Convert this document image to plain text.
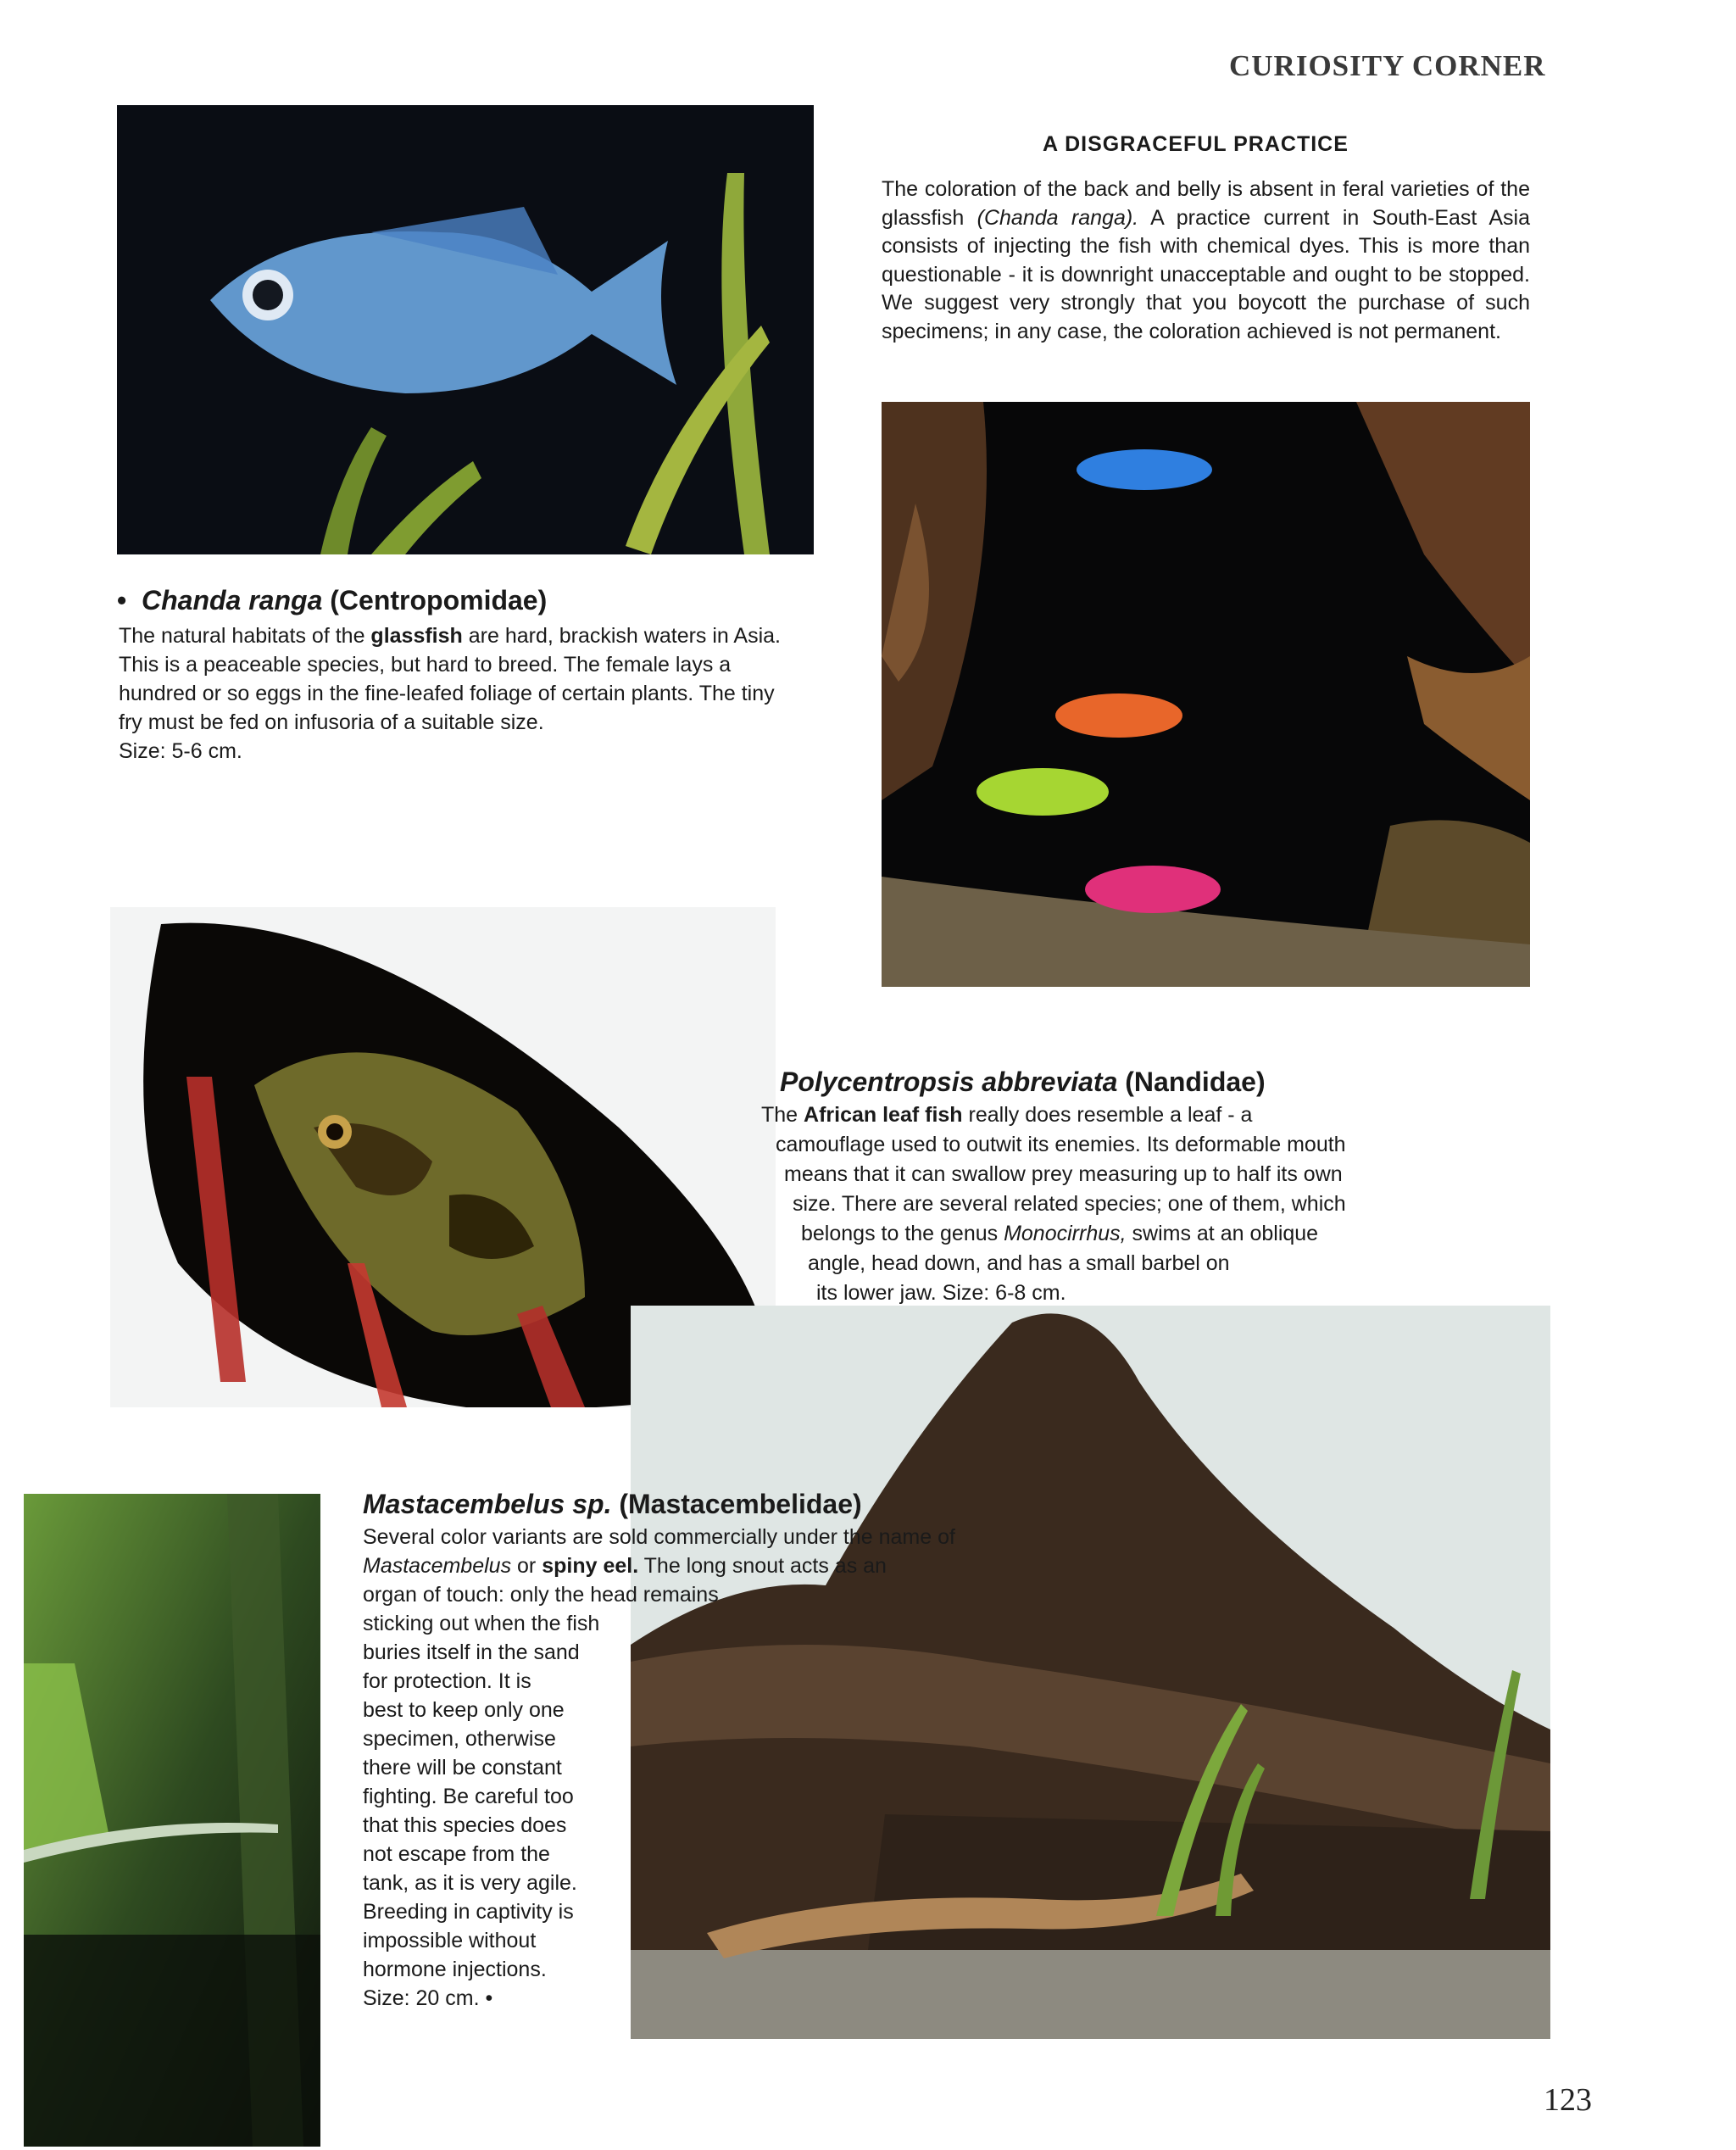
CURIOSITY CORNER
A DISGRACEFUL PRACTICE
The coloration of the back and belly is absent in feral varieties of the glassfish (Chanda ranga). A practice current in South-East Asia consists of injecting the fish with chemical dyes. This is more than questionable - it is downright unacceptable and ought to be stopped. We suggest very strongly that you boycott the purchase of such specimens; in any case, the coloration achieved is not permanent.
• Chanda ranga (Centropomidae)
The natural habitats of the glassfish are hard, brackish waters in Asia. This is a peaceable species, but hard to breed. The female lays a hundred or so eggs in the fine-leafed foliage of certain plants. The tiny fry must be fed on infusoria of a suitable size.
Size: 5-6 cm.
Polycentropsis abbreviata (Nandidae)
The African leaf fish really does resemble a leaf - a
camouflage used to outwit its enemies. Its deformable mouth
means that it can swallow prey measuring up to half its own
size. There are several related species; one of them, which
belongs to the genus Monocirrhus, swims at an oblique
angle, head down, and has a small barbel on
its lower jaw. Size: 6-8 cm.
Mastacembelus sp. (Mastacembelidae)
Several color variants are sold commercially under the name of
Mastacembelus or spiny eel. The long snout acts as an
organ of touch: only the head remains
sticking out when the fish
buries itself in the sand
for protection. It is
best to keep only one
specimen, otherwise
there will be constant
fighting. Be careful too
that this species does
not escape from the
tank, as it is very agile.
Breeding in captivity is
impossible without
hormone injections.
Size: 20 cm. •
123
